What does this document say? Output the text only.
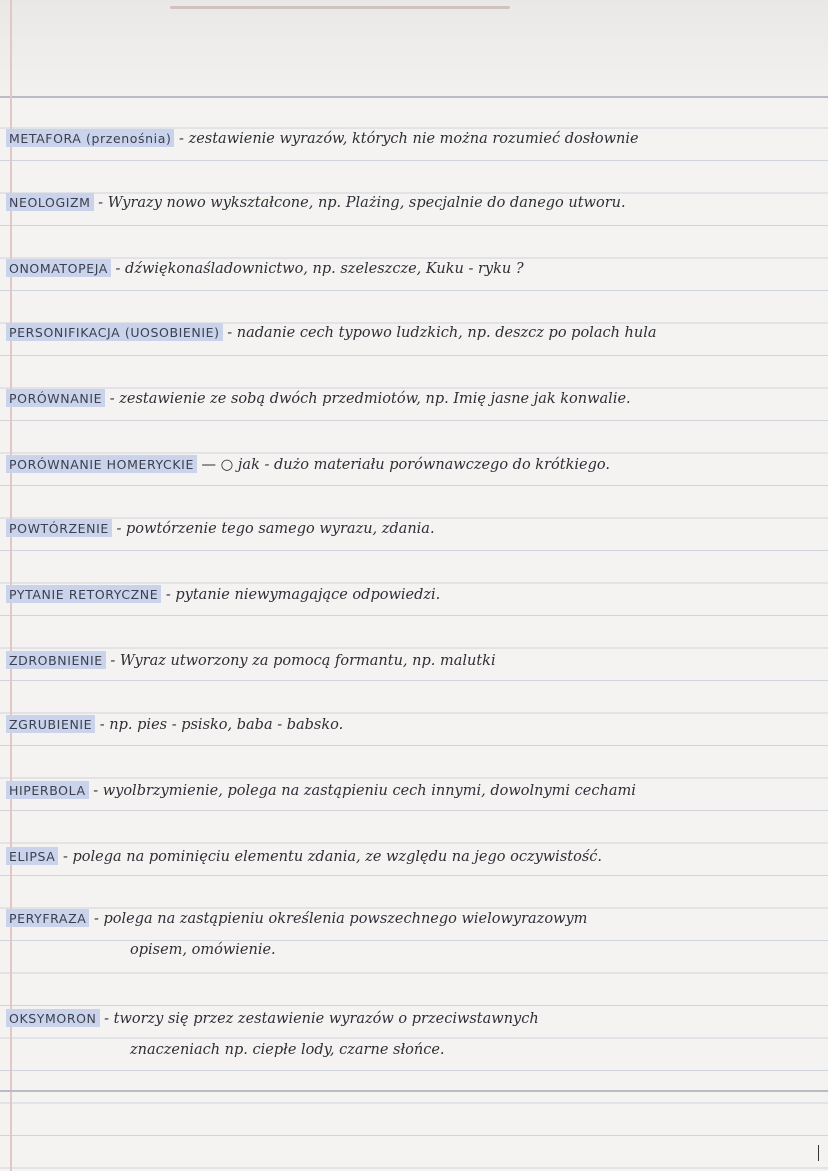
METAFORA (przenośnia) - zestawienie wyrazów, których nie można rozumieć dosłownie
NEOLOGIZM - Wyrazy nowo wykształcone, np. Plażing, specjalnie do danego utworu.
ONOMATOPEJA - dźwiękonaśladownictwo, np. szeleszcze, Kuku - ryku ?
PERSONIFIKACJA (UOSOBIENIE) - nadanie cech typowo ludzkich, np. deszcz po polach hula
PORÓWNANIE - zestawienie ze sobą dwóch przedmiotów, np. Imię jasne jak konwalie.
PORÓWNANIE HOMERYCKIE — ○ jak - dużo materiału porównawczego do krótkiego.
POWTÓRZENIE - powtórzenie tego samego wyrazu, zdania.
PYTANIE RETORYCZNE - pytanie niewymagające odpowiedzi.
ZDROBNIENIE - Wyraz utworzony za pomocą formantu, np. malutki
ZGRUBIENIE - np. pies - psisko, baba - babsko.
HIPERBOLA - wyolbrzymienie, polega na zastąpieniu cech innymi, dowolnymi cechami
ELIPSA - polega na pominięciu elementu zdania, ze względu na jego oczywistość.
PERYFRAZA - polega na zastąpieniu określenia powszechnego wielowyrazowym
opisem, omówienie.
OKSYMORON - tworzy się przez zestawienie wyrazów o przeciwstawnych
znaczeniach np. ciepłe lody, czarne słońce.
